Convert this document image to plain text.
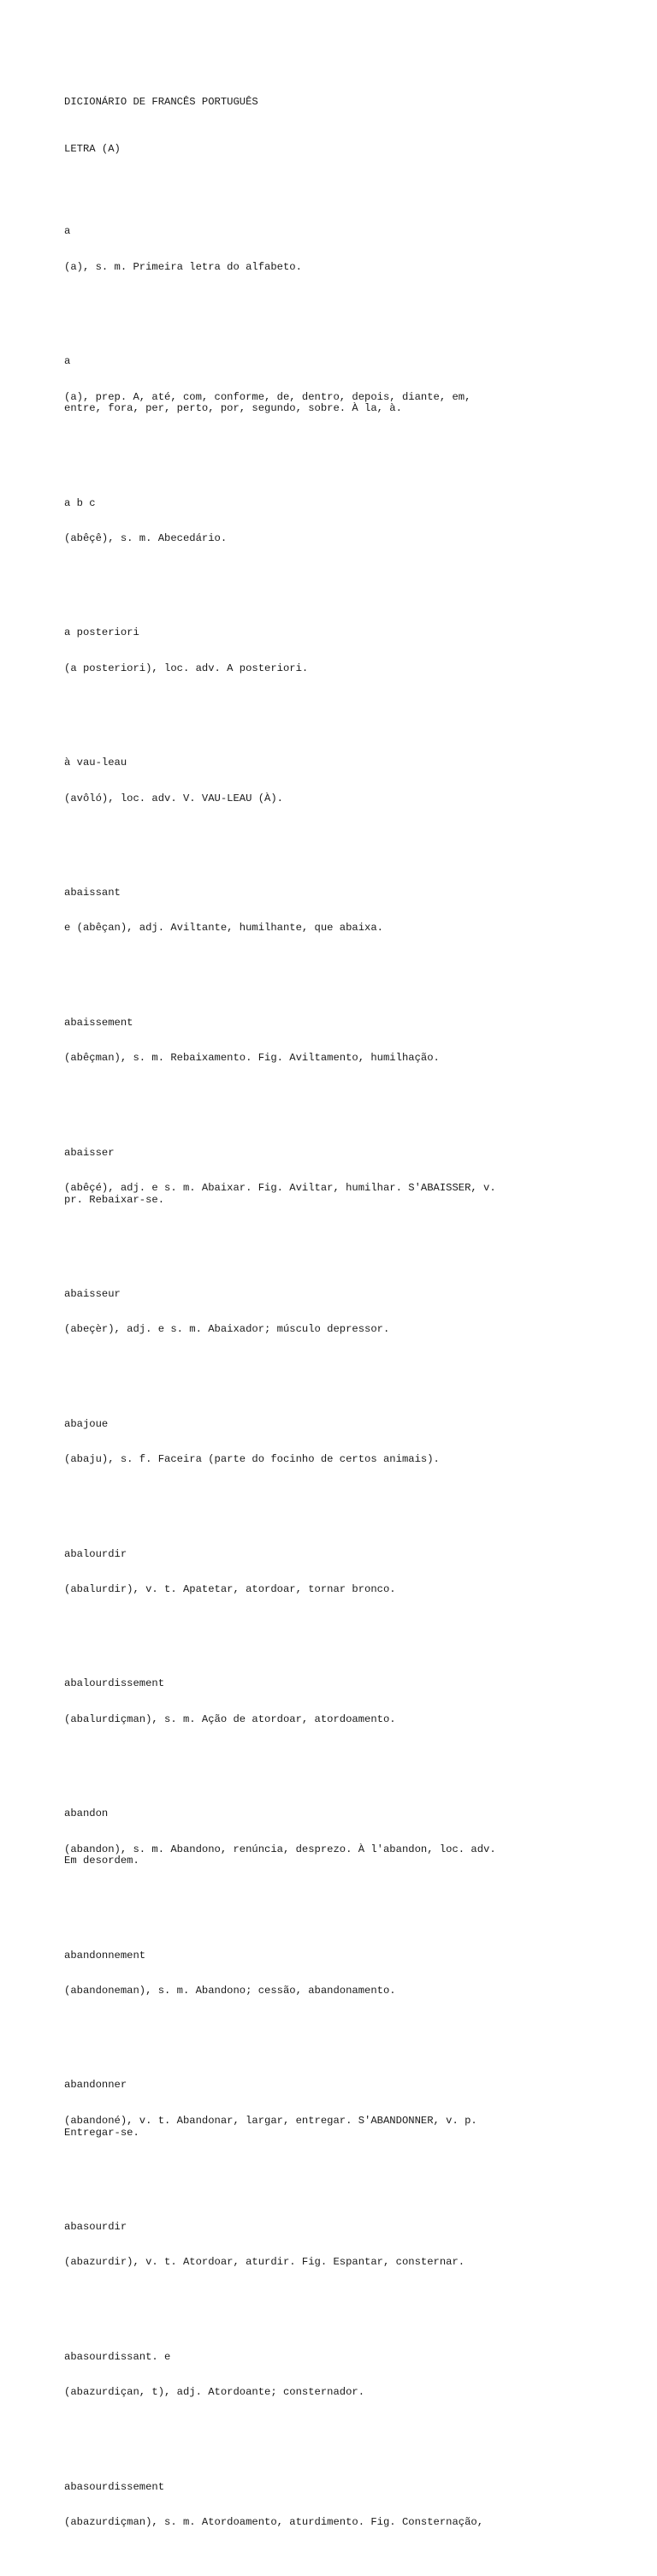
DICIONÁRIO DE FRANCÊS PORTUGUÊS

LETRA (A)

a

(a), s. m. Primeira letra do alfabeto.

a

(a), prep. A, até, com, conforme, de, dentro, depois, diante, em,
entre, fora, per, perto, por, segundo, sobre. À la, à.

a b c

(abêçê), s. m. Abecedário.

a posteriori

(a posteriori), loc. adv. A posteriori.

à vau-leau

(avôló), loc. adv. V. VAU-LEAU (À).

abaissant

e (abêçan), adj. Aviltante, humilhante, que abaixa.

abaissement

(abêçman), s. m. Rebaixamento. Fig. Aviltamento, humilhação.

abaisser

(abêçé), adj. e s. m. Abaixar. Fig. Aviltar, humilhar. S'ABAISSER, v.
pr. Rebaixar-se.

abaisseur

(abeçèr), adj. e s. m. Abaixador; músculo depressor.

abajoue

(abaju), s. f. Faceira (parte do focinho de certos animais).

abalourdir

(abalurdir), v. t. Apatetar, atordoar, tornar bronco.

abalourdissement

(abalurdiçman), s. m. Ação de atordoar, atordoamento.

abandon

(abandon), s. m. Abandono, renúncia, desprezo. À l'abandon, loc. adv.
Em desordem.

abandonnement

(abandoneman), s. m. Abandono; cessão, abandonamento.

abandonner

(abandoné), v. t. Abandonar, largar, entregar. S'ABANDONNER, v. p.
Entregar-se.

abasourdir

(abazurdir), v. t. Atordoar, aturdir. Fig. Espantar, consternar.

abasourdissant. e

(abazurdiçan, t), adj. Atordoante; consternador.

abasourdissement

(abazurdiçman), s. m. Atordoamento, aturdimento. Fig. Consternação,
